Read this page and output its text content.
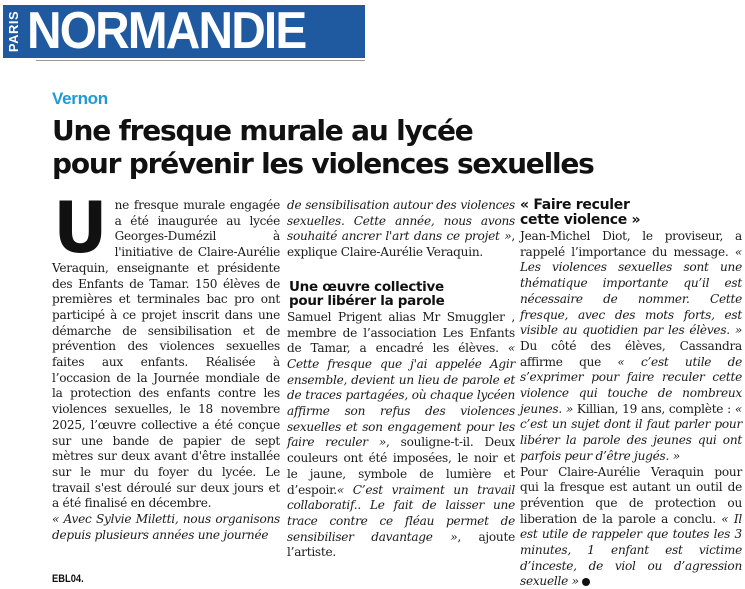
PARIS NORMANDIE
Vernon
Une fresque murale au lycée
pour prévenir les violences sexuelles
U ne fresque murale engagée a été inaugurée au lycée Georges-Dumézil à l'initiative de Claire-Aurélie Veraquin, enseignante et présidente des Enfants de Tamar. 150 élèves de premières et terminales bac pro ont participé à ce projet inscrit dans une démarche de sensibilisation et de prévention des violences sexuelles faites aux enfants. Réalisée à l’occasion de la Journée mondiale de la protection des enfants contre les violences sexuelles, le 18 novembre 2025, l’œuvre collective a été conçue sur une bande de papier de sept mètres sur deux avant d'être installée sur le mur du foyer du lycée. Le travail s'est déroulé sur deux jours et a été finalisé en décembre.

« Avec Sylvie Miletti, nous organisons depuis plusieurs années une journée

de sensibilisation autour des violences sexuelles. Cette année, nous avons souhaité ancrer l'art dans ce projet », explique Claire-Aurélie Veraquin.

Une œuvre collective
pour libérer la parole

Samuel Prigent alias Mr Smuggler , membre de l’association Les Enfants de Tamar, a encadré les élèves. « Cette fresque que j'ai appelée Agir ensemble, devient un lieu de parole et de traces partagées, où chaque lycéen affirme son refus des violences sexuelles et son engagement pour les faire reculer », souligne-t-il. Deux couleurs ont été imposées, le noir et le jaune, symbole de lumière et d’espoir.« C’est vraiment un travail collaboratif.. Le fait de laisser une trace contre ce fléau permet de sensibiliser davantage », ajoute l’artiste.

« Faire reculer
cette violence »

Jean-Michel Diot, le proviseur, a rappelé l’importance du message. « Les violences sexuelles sont une thématique importante qu’il est nécessaire de nommer. Cette fresque, avec des mots forts, est visible au quotidien par les élèves. » Du côté des élèves, Cassandra affirme que « c’est utile de s’exprimer pour faire reculer cette violence qui touche de nombreux jeunes. » Killian, 19 ans, complète : « c’est un sujet dont il faut parler pour libérer la parole des jeunes qui ont parfois peur d’être jugés. »

Pour Claire-Aurélie Veraquin pour qui la fresque est autant un outil de prévention que de protection ou liberation de la parole a conclu. « Il est utile de rappeler que toutes les 3 minutes, 1 enfant est victime d’inceste, de viol ou d’agression sexuelle »

EBL04.
